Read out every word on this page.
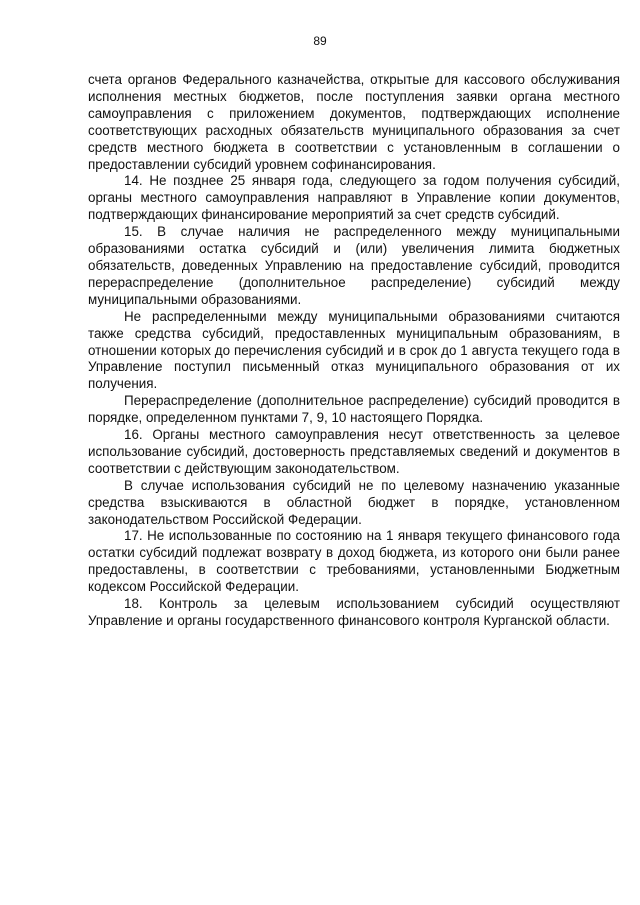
89

счета органов Федерального казначейства, открытые для кассового обслуживания исполнения местных бюджетов, после поступления заявки органа местного самоуправления с приложением документов, подтверждающих исполнение соответствующих расходных обязательств муниципального образования за счет средств местного бюджета в соответствии с установленным в соглашении о предоставлении субсидий уровнем софинансирования.

14. Не позднее 25 января года, следующего за годом получения субсидий, органы местного самоуправления направляют в Управление копии документов, подтверждающих финансирование мероприятий за счет средств субсидий.

15. В случае наличия не распределенного между муниципальными образованиями остатка субсидий и (или) увеличения лимита бюджетных обязательств, доведенных Управлению на предоставление субсидий, проводится перераспределение (дополнительное распределение) субсидий между муниципальными образованиями.

Не распределенными между муниципальными образованиями считаются также средства субсидий, предоставленных муниципальным образованиям, в отношении которых до перечисления субсидий и в срок до 1 августа текущего года в Управление поступил письменный отказ муниципального образования от их получения.

Перераспределение (дополнительное распределение) субсидий проводится в порядке, определенном пунктами 7, 9, 10 настоящего Порядка.

16. Органы местного самоуправления несут ответственность за целевое использование субсидий, достоверность представляемых сведений и документов в соответствии с действующим законодательством.

В случае использования субсидий не по целевому назначению указанные средства взыскиваются в областной бюджет в порядке, установленном законодательством Российской Федерации.

17. Не использованные по состоянию на 1 января текущего финансового года остатки субсидий подлежат возврату в доход бюджета, из которого они были ранее предоставлены, в соответствии с требованиями, установленными Бюджетным кодексом Российской Федерации.

18. Контроль за целевым использованием субсидий осуществляют Управление и органы государственного финансового контроля Курганской области.
